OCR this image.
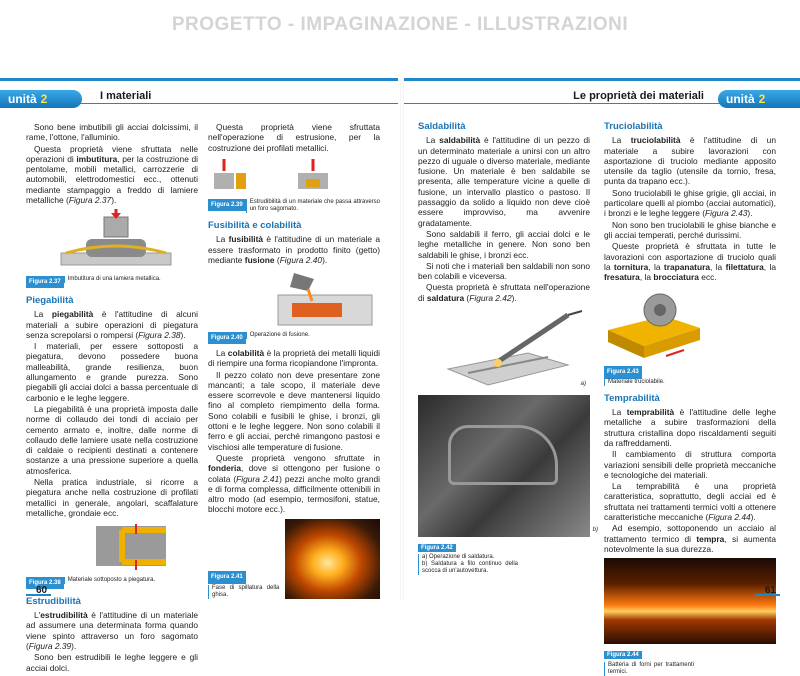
PROGETTO - IMPAGINAZIONE - ILLUSTRAZIONI
unità 2	I materiali

Sono bene imbutibili gli acciai dolcissimi, il rame, l'ottone, l'alluminio.

Questa proprietà viene sfruttata nelle operazioni di imbutitura, per la costruzione di pentolame, mobili metallici, carrozzerie di automobili, elettrodomestici ecc., ottenuti mediante stampaggio a freddo di lamiere metalliche (Figura 2.37).

Figura 2.37	Imbutitura di una lamiera metallica.
Piegabilità

La piegabilità è l'attitudine di alcuni materiali a subire operazioni di piegatura senza screpolarsi o rompersi (Figura 2.38).

I materiali, per essere sottoposti a piegatura, devono possedere buona malleabilità, grande resilienza, buon allungamento e grande purezza. Sono piegabili gli acciai dolci a bassa percentuale di carbonio e le leghe leggere.

La piegabilità è una proprietà imposta dalle norme di collaudo dei tondi di acciaio per cemento armato e, inoltre, dalle norme di collaudo delle lamiere usate nella costruzione di caldaie o recipienti destinati a contenere sostanze a una pressione superiore a quella atmosferica.

Nella pratica industriale, si ricorre a piegatura anche nella costruzione di profilati metallici in generale, angolari, scaffalature metalliche, grondaie ecc.

Figura 2.38	Materiale sottoposto a piegatura.
Estrudibilità

L'estrudibilità è l'attitudine di un materiale ad assumere una determinata forma quando viene spinto attraverso un foro sagomato (Figura 2.39).

Sono ben estrudibili le leghe leggere e gli acciai dolci.

Questa proprietà viene sfruttata nell'operazione di estrusione, per la costruzione dei profilati metallici.

Figura 2.39	Estrudibilità di un materiale che passa attraverso un foro sagomato.
Fusibilità e colabilità

La fusibilità è l'attitudine di un materiale a essere trasformato in prodotto finito (getto) mediante fusione (Figura 2.40).

Figura 2.40	Operazione di fusione.

La colabilità è la proprietà dei metalli liquidi di riempire una forma ricopiandone l'impronta.

Il pezzo colato non deve presentare zone mancanti; a tale scopo, il materiale deve essere scorrevole e deve mantenersi liquido fino al completo riempimento della forma. Sono colabili e fusibili le ghise, i bronzi, gli ottoni e le leghe leggere. Non sono colabili il ferro e gli acciai, perché rimangono pastosi e vischiosi alle temperature di fusione.

Queste proprietà vengono sfruttate in fonderia, dove si ottengono per fusione o colata (Figura 2.41) pezzi anche molto grandi e di forma complessa, difficilmente ottenibili in altro modo (ad esempio, termosifoni, statue, blocchi motore ecc.).

Figura 2.41
Fase di spillatura della ghisa.
60
Le proprietà dei materiali	unità 2
Saldabilità

La saldabilità è l'attitudine di un pezzo di un determinato materiale a unirsi con un altro pezzo di uguale o diverso materiale, mediante fusione. Un materiale è ben saldabile se presenta, alle temperature vicine a quelle di fusione, un intervallo plastico o pastoso. Il passaggio da solido a liquido non deve cioè essere improvviso, ma avvenire gradatamente.

Sono saldabili il ferro, gli acciai dolci e le leghe metalliche in genere. Non sono ben saldabili le ghise, i bronzi ecc.

Si noti che i materiali ben saldabili non sono ben colabili e viceversa.

Questa proprietà è sfruttata nell'operazione di saldatura (Figura 2.42).

a)
b)
Figura 2.42
a) Operazione di saldatura.
b) Saldatura a filo continuo della scocca di un'autovettura.
Truciolabilità

La truciolabilità è l'attitudine di un materiale a subire lavorazioni con asportazione di truciolo mediante apposito utensile da taglio (utensile da tornio, fresa, punta da trapano ecc.).

Sono truciolabili le ghise grigie, gli acciai, in particolare quelli al piombo (acciai automatici), i bronzi e le leghe leggere (Figura 2.43).

Non sono ben truciolabili le ghise bianche e gli acciai temperati, perché durissimi.

Queste proprietà è sfruttata in tutte le lavorazioni con asportazione di truciolo quali la tornitura, la trapanatura, la filettatura, la fresatura, la brocciatura ecc.

Figura 2.43
Materiale truciolabile.
Temprabilità

La temprabilità è l'attitudine delle leghe metalliche a subire trasformazioni della struttura cristallina dopo riscaldamenti seguiti da raffreddamenti.

Il cambiamento di struttura comporta variazioni sensibili delle proprietà meccaniche e tecnologiche dei materiali.

La temprabilità è una proprietà caratteristica, soprattutto, degli acciai ed è sfruttata nei trattamenti termici volti a ottenere caratteristiche meccaniche (Figura 2.44).

Ad esempio, sottoponendo un acciaio al trattamento termico di tempra, si aumenta notevolmente la sua durezza.

Figura 2.44
Batteria di forni per trattamenti termici.
61
